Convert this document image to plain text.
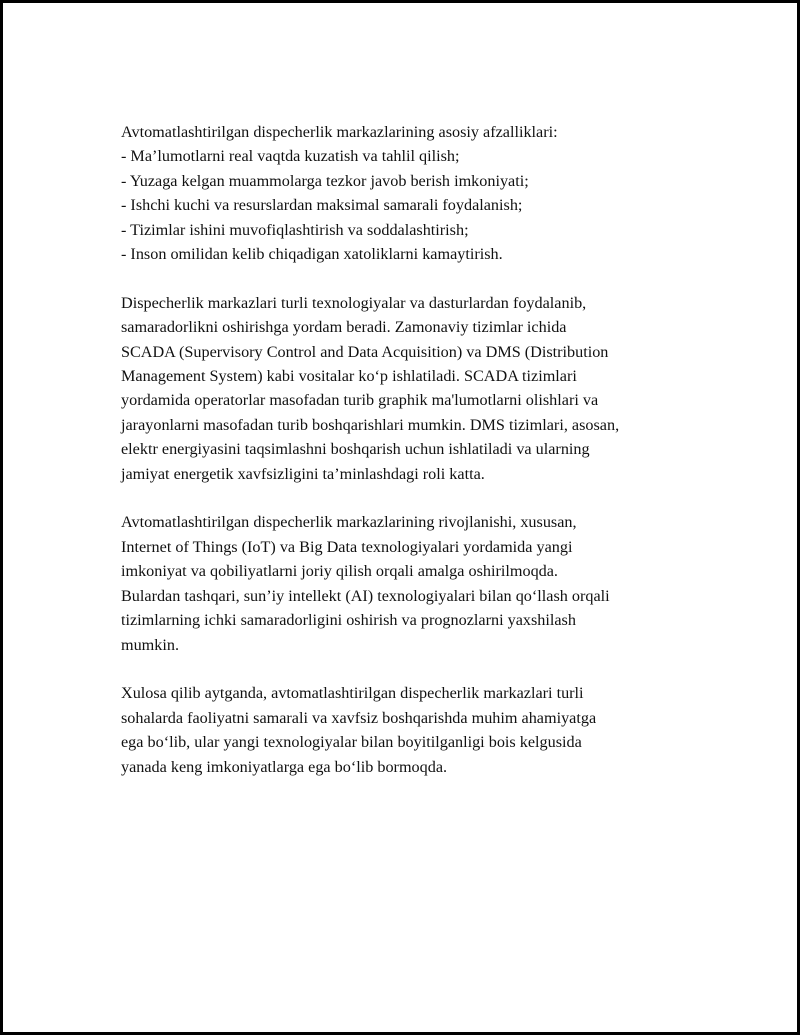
Avtomatlashtirilgan dispecherlik markazlarining asosiy afzalliklari:
- Ma’lumotlarni real vaqtda kuzatish va tahlil qilish;
- Yuzaga kelgan muammolarga tezkor javob berish imkoniyati;
- Ishchi kuchi va resurslardan maksimal samarali foydalanish;
- Tizimlar ishini muvofiqlashtirish va soddalashtirish;
- Inson omilidan kelib chiqadigan xatoliklarni kamaytirish.
Dispecherlik markazlari turli texnologiyalar va dasturlardan foydalanib,
samaradorlikni oshirishga yordam beradi. Zamonaviy tizimlar ichida
SCADA (Supervisory Control and Data Acquisition) va DMS (Distribution
Management System) kabi vositalar ko‘p ishlatiladi. SCADA tizimlari
yordamida operatorlar masofadan turib graphik ma'lumotlarni olishlari va
jarayonlarni masofadan turib boshqarishlari mumkin. DMS tizimlari, asosan,
elektr energiyasini taqsimlashni boshqarish uchun ishlatiladi va ularning
jamiyat energetik xavfsizligini ta’minlashdagi roli katta.
Avtomatlashtirilgan dispecherlik markazlarining rivojlanishi, xususan,
Internet of Things (IoT) va Big Data texnologiyalari yordamida yangi
imkoniyat va qobiliyatlarni joriy qilish orqali amalga oshirilmoqda.
Bulardan tashqari, sun’iy intellekt (AI) texnologiyalari bilan qo‘llash orqali
tizimlarning ichki samaradorligini oshirish va prognozlarni yaxshilash
mumkin.
Xulosa qilib aytganda, avtomatlashtirilgan dispecherlik markazlari turli
sohalarda faoliyatni samarali va xavfsiz boshqarishda muhim ahamiyatga
ega bo‘lib, ular yangi texnologiyalar bilan boyitilganligi bois kelgusida
yanada keng imkoniyatlarga ega bo‘lib bormoqda.
